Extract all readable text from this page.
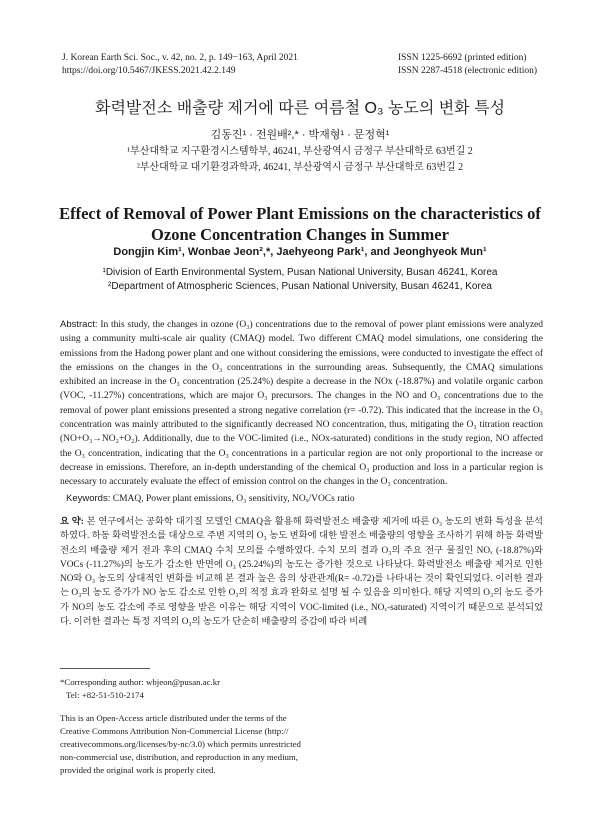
J. Korean Earth Sci. Soc., v. 42, no. 2, p. 149−163, April 2021
https://doi.org/10.5467/JKESS.2021.42.2.149
ISSN 1225-6692 (printed edition)
ISSN 2287-4518 (electronic edition)
화력발전소 배출량 제거에 따른 여름철 O₃ 농도의 변화 특성
김동진¹ · 전원배²,* · 박재형¹ · 문정혁¹
¹부산대학교 지구환경시스템학부, 46241, 부산광역시 금정구 부산대학로 63번길 2
²부산대학교 대기환경과학과, 46241, 부산광역시 금정구 부산대학로 63번길 2
Effect of Removal of Power Plant Emissions on the characteristics of
Ozone Concentration Changes in Summer
Dongjin Kim¹, Wonbae Jeon²,*, Jaehyeong Park¹, and Jeonghyeok Mun¹
¹Division of Earth Environmental System, Pusan National University, Busan 46241, Korea
²Department of Atmospheric Sciences, Pusan National University, Busan 46241, Korea
Abstract: In this study, the changes in ozone (O₃) concentrations due to the removal of power plant emissions were analyzed using a community multi-scale air quality (CMAQ) model. Two different CMAQ model simulations, one considering the emissions from the Hadong power plant and one without considering the emissions, were conducted to investigate the effect of the emissions on the changes in the O₃ concentrations in the surrounding areas. Subsequently, the CMAQ simulations exhibited an increase in the O₃ concentration (25.24%) despite a decrease in the NOx (-18.87%) and volatile organic carbon (VOC, -11.27%) concentrations, which are major O₃ precursors. The changes in the NO and O₃ concentrations due to the removal of power plant emissions presented a strong negative correlation (r= -0.72). This indicated that the increase in the O₃ concentration was mainly attributed to the significantly decreased NO concentration, thus, mitigating the O₃ titration reaction (NO+O₃→NO₂+O₂). Additionally, due to the VOC-limited (i.e., NOx-saturated) conditions in the study region, NO affected the O₃ concentration, indicating that the O₃ concentrations in a particular region are not only proportional to the increase or decrease in emissions. Therefore, an in-depth understanding of the chemical O₃ production and loss in a particular region is necessary to accurately evaluate the effect of emission control on the changes in the O₃ concentration.
Keywords: CMAQ, Power plant emissions, O₃ sensitivity, NOₓ/VOCs ratio
요 약: 본 연구에서는 공화학 대기질 모델인 CMAQ을 활용해 화력발전소 배출량 제거에 따른 O₃ 농도의 변화 특성을 분석하였다. 하동 화력발전소를 대상으로 주변 지역의 O₃ 농도 변화에 대한 발전소 배출량의 영향을 조사하기 위해 하동 화력발전소의 배출량 제거 전과 후의 CMAQ 수치 모의를 수행하였다. 수치 모의 결과 O₃의 주요 전구 물질인 NOₓ (-18.87%)와 VOCs (-11.27%)의 농도가 감소한 반면에 O₃ (25.24%)의 농도는 증가한 것으로 나타났다. 화력발전소 배출량 제거로 인한 NO와 O₃ 농도의 상대적인 변화를 비교해 본 결과 높은 음의 상관관계(R= -0.72)를 나타내는 것이 확인되었다. 이러한 결과는 O₃의 농도 증가가 NO 농도 감소로 인한 O₃의 적정 효과 완화로 설명 될 수 있음을 의미한다. 해당 지역의 O₃의 농도 증가가 NO의 농도 감소에 주로 영향을 받은 이유는 해당 지역이 VOC-limited (i.e., NOₓ-saturated) 지역이기 때문으로 분석되었다. 이러한 결과는 특정 지역의 O₃의 농도가 단순히 배출량의 증감에 따라 비례
*Corresponding author: wbjeon@pusan.ac.kr
Tel: +82-51-510-2174
This is an Open-Access article distributed under the terms of the
Creative Commons Attribution Non-Commercial License (http://
creativecommons.org/licenses/by-nc/3.0) which permits unrestricted
non-commercial use, distribution, and reproduction in any medium,
provided the original work is properly cited.
